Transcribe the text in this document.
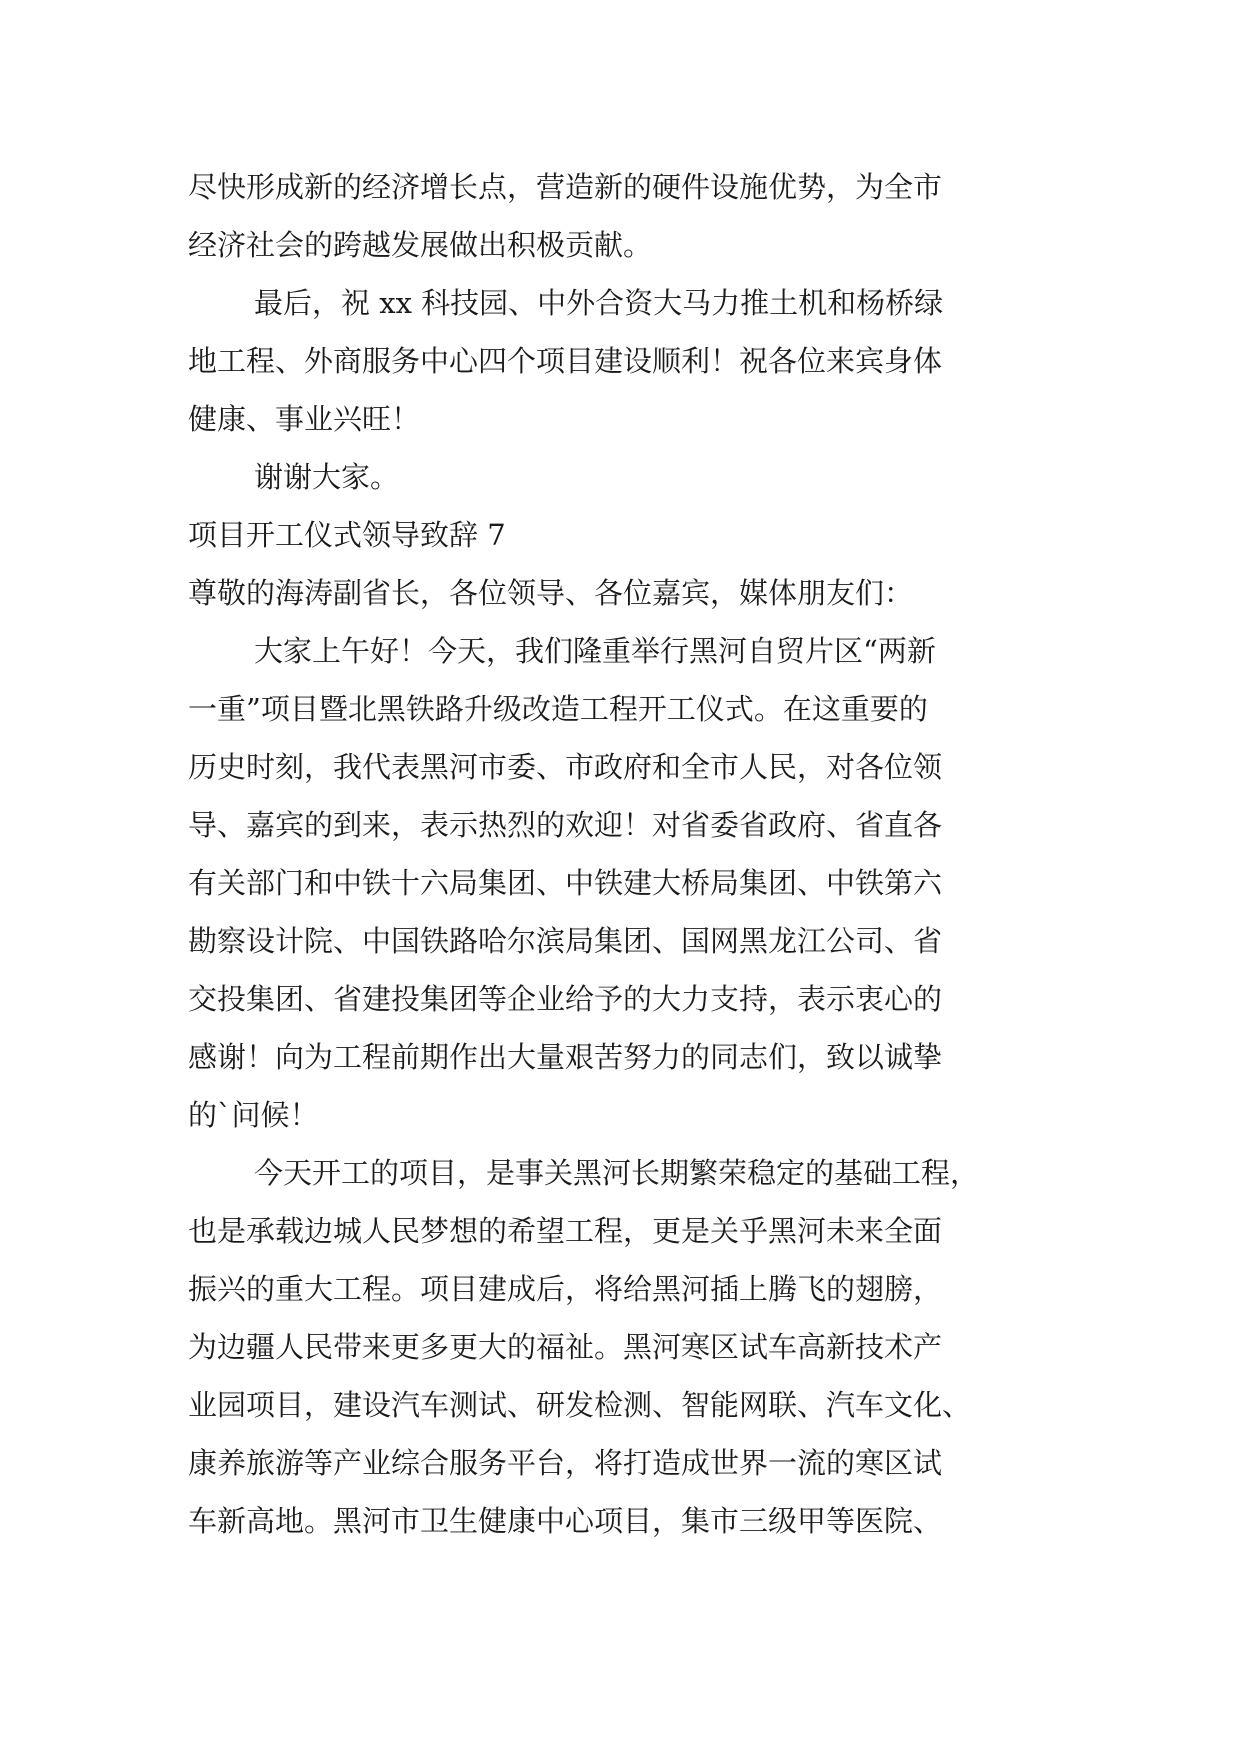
尽快形成新的经济增长点，营造新的硬件设施优势，为全市
经济社会的跨越发展做出积极贡献。
最后，祝 xx 科技园、中外合资大马力推土机和杨桥绿
地工程、外商服务中心四个项目建设顺利！祝各位来宾身体
健康、事业兴旺！
谢谢大家。
项目开工仪式领导致辞 7
尊敬的海涛副省长，各位领导、各位嘉宾，媒体朋友们：
大家上午好！今天，我们隆重举行黑河自贸片区“两新
一重”项目暨北黑铁路升级改造工程开工仪式。在这重要的
历史时刻，我代表黑河市委、市政府和全市人民，对各位领
导、嘉宾的到来，表示热烈的欢迎！对省委省政府、省直各
有关部门和中铁十六局集团、中铁建大桥局集团、中铁第六
勘察设计院、中国铁路哈尔滨局集团、国网黑龙江公司、省
交投集团、省建投集团等企业给予的大力支持，表示衷心的
感谢！向为工程前期作出大量艰苦努力的同志们，致以诚挚
的`问候！
今天开工的项目，是事关黑河长期繁荣稳定的基础工程，
也是承载边城人民梦想的希望工程，更是关乎黑河未来全面
振兴的重大工程。项目建成后，将给黑河插上腾飞的翅膀，
为边疆人民带来更多更大的福祉。黑河寒区试车高新技术产
业园项目，建设汽车测试、研发检测、智能网联、汽车文化、
康养旅游等产业综合服务平台，将打造成世界一流的寒区试
车新高地。黑河市卫生健康中心项目，集市三级甲等医院、
